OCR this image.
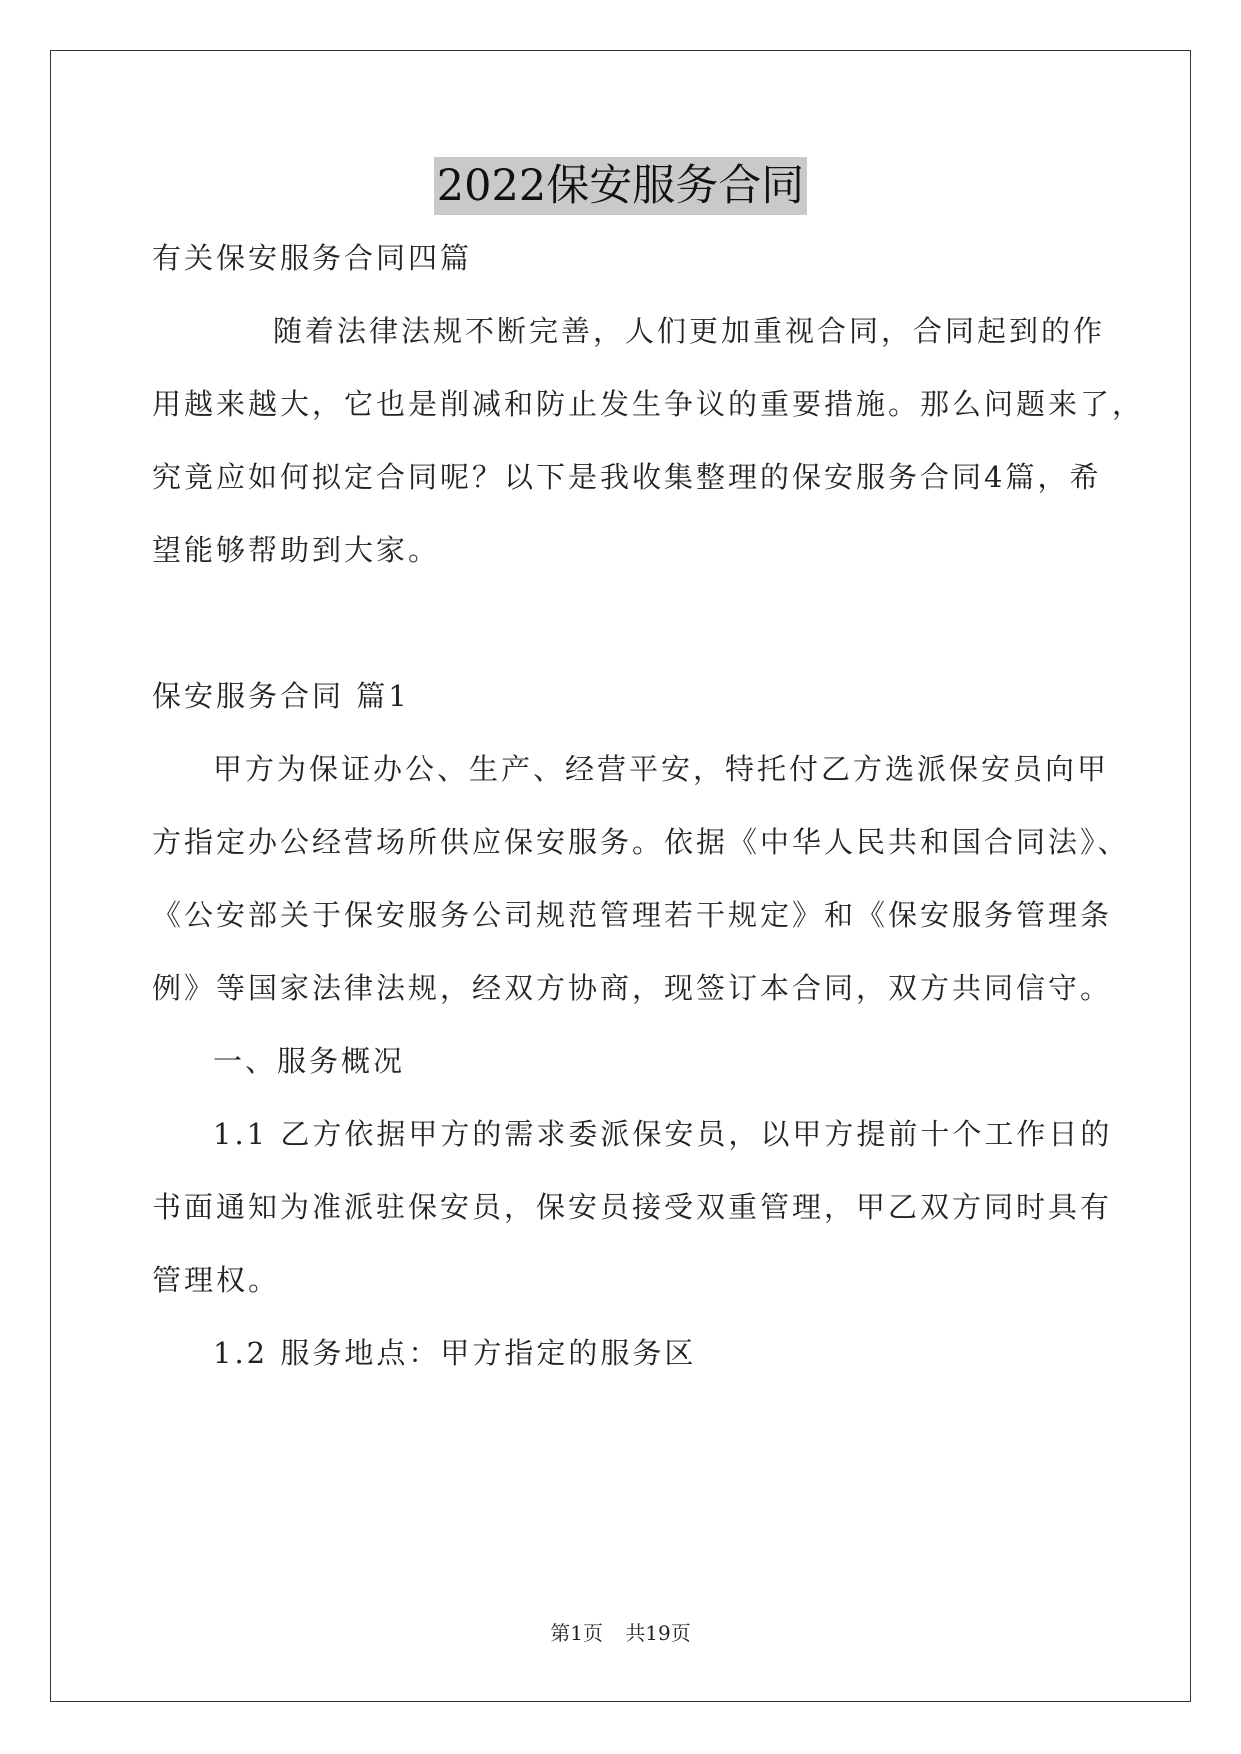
2022保安服务合同
有关保安服务合同四篇
随着法律法规不断完善，人们更加重视合同，合同起到的作
用越来越大，它也是削减和防止发生争议的重要措施。那么问题来了，
究竟应如何拟定合同呢？以下是我收集整理的保安服务合同4篇，希
望能够帮助到大家。
保安服务合同 篇1
甲方为保证办公、生产、经营平安，特托付乙方选派保安员向甲
方指定办公经营场所供应保安服务。依据《中华人民共和国合同法》、
《公安部关于保安服务公司规范管理若干规定》和《保安服务管理条
例》等国家法律法规，经双方协商，现签订本合同，双方共同信守。
一、服务概况
1.1 乙方依据甲方的需求委派保安员，以甲方提前十个工作日的
书面通知为准派驻保安员，保安员接受双重管理，甲乙双方同时具有
管理权。
1.2 服务地点：甲方指定的服务区
第1页 共19页
